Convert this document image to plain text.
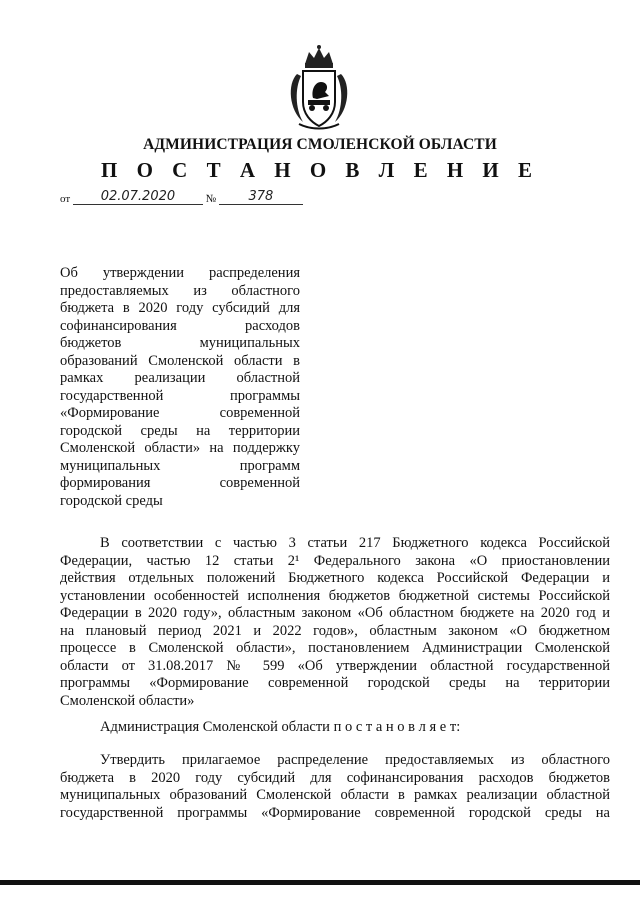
АДМИНИСТРАЦИЯ СМОЛЕНСКОЙ ОБЛАСТИ
П О С Т А Н О В Л Е Н И Е
от 02.07.2020	№ 378
Об утверждении распределения
предоставляемых из областного
бюджета в 2020 году субсидий для
софинансирования расходов
бюджетов муниципальных
образований Смоленской области в
рамках реализации областной
государственной программы
«Формирование современной
городской среды на территории
Смоленской области» на поддержку
муниципальных программ
формирования современной
городской среды
В соответствии с частью 3 статьи 217 Бюджетного кодекса Российской
Федерации, частью 12 статьи 2¹ Федерального закона «О приостановлении
действия отдельных положений Бюджетного кодекса Российской Федерации и
установлении особенностей исполнения бюджетов бюджетной системы Российской
Федерации в 2020 году», областным законом «Об областном бюджете на 2020 год и
на плановый период 2021 и 2022 годов», областным законом «О бюджетном
процессе в Смоленской области», постановлением Администрации Смоленской
области от 31.08.2017 № 599 «Об утверждении областной государственной
программы «Формирование современной городской среды на территории
Смоленской области»
Администрация Смоленской области п о с т а н о в л я е т:
Утвердить прилагаемое распределение предоставляемых из областного
бюджета в 2020 году субсидий для софинансирования расходов бюджетов
муниципальных образований Смоленской области в рамках реализации областной
государственной программы «Формирование современной городской среды на
